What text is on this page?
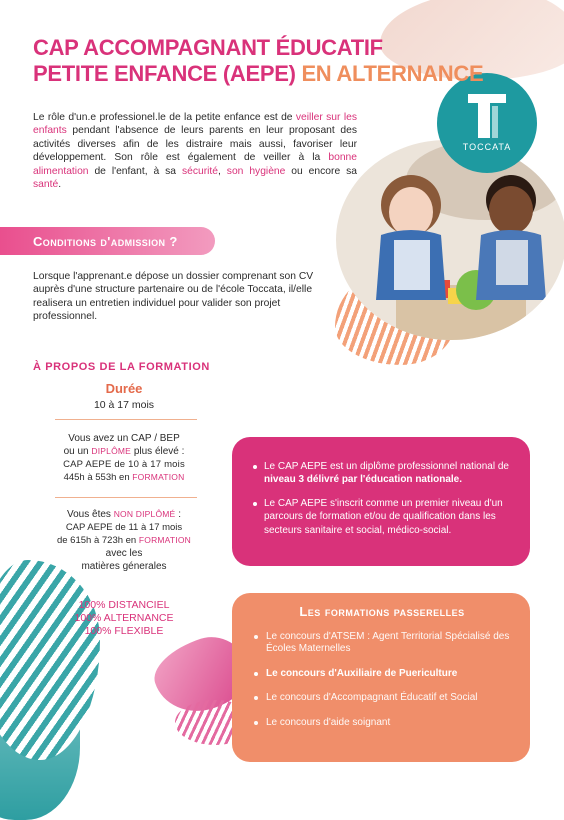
TOCCATA
CAP ACCOMPAGNANT ÉDUCATIF
PETITE ENFANCE (AEPE) EN ALTERNANCE
Le rôle d'un.e professionel.le de la petite enfance est de veiller sur les enfants pendant l'absence de leurs parents en leur proposant des activités diverses afin de les distraire mais aussi, favoriser leur développement. Son rôle est également de veiller à la bonne alimentation de l'enfant, à sa sécurité, son hygiène ou encore sa santé.
Conditions d'admission ?
Lorsque l'apprenant.e dépose un dossier comprenant son CV auprès d'une structure partenaire ou de l'école Toccata, il/elle realisera un entretien individuel pour valider son projet professionnel.
À PROPOS DE LA FORMATION
Durée
10 à 17 mois
Vous avez un CAP / BEP
ou un DIPLÔME plus élevé :
CAP AEPE de 10 à 17 mois
445h à 553h en FORMATION
Vous êtes NON DIPLÔMÉ :
CAP AEPE de 11 à 17 mois
de 615h à 723h en FORMATION
avec les
matières génerales
100% DISTANCIEL
100% ALTERNANCE
100% FLEXIBLE
Le CAP AEPE est un diplôme professionnel national de niveau 3 délivré par l'éducation nationale.
Le CAP AEPE s'inscrit comme un premier niveau d'un parcours de formation et/ou de qualification dans les secteurs sanitaire et social, médico-social.
Les formations passerelles
Le concours d'ATSEM : Agent Territorial Spécialisé des Écoles Maternelles
Le concours d'Auxiliaire de Puericulture
Le concours d'Accompagnant Éducatif et Social
Le concours d'aide soignant
